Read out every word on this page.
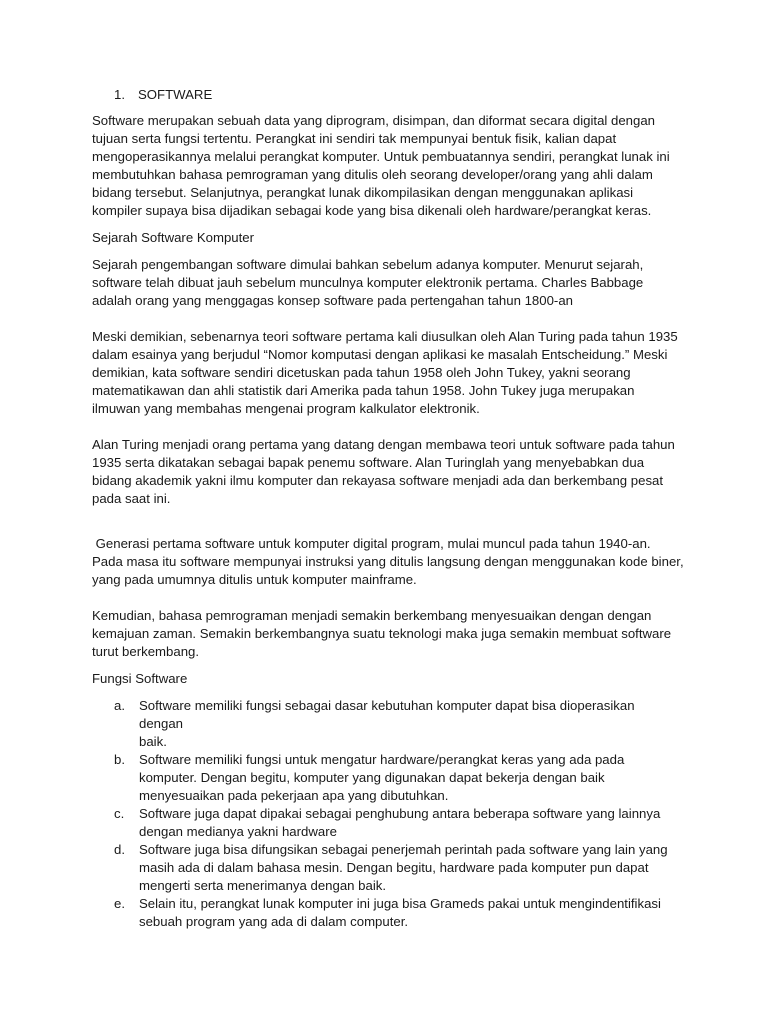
1. SOFTWARE

Software merupakan sebuah data yang diprogram, disimpan, dan diformat secara digital dengan
tujuan serta fungsi tertentu. Perangkat ini sendiri tak mempunyai bentuk fisik, kalian dapat
mengoperasikannya melalui perangkat komputer. Untuk pembuatannya sendiri, perangkat lunak ini
membutuhkan bahasa pemrograman yang ditulis oleh seorang developer/orang yang ahli dalam
bidang tersebut. Selanjutnya, perangkat lunak dikompilasikan dengan menggunakan aplikasi
kompiler supaya bisa dijadikan sebagai kode yang bisa dikenali oleh hardware/perangkat keras.

Sejarah Software Komputer

Sejarah pengembangan software dimulai bahkan sebelum adanya komputer. Menurut sejarah,
software telah dibuat jauh sebelum munculnya komputer elektronik pertama. Charles Babbage
adalah orang yang menggagas konsep software pada pertengahan tahun 1800-an

Meski demikian, sebenarnya teori software pertama kali diusulkan oleh Alan Turing pada tahun 1935
dalam esainya yang berjudul “Nomor komputasi dengan aplikasi ke masalah Entscheidung.” Meski
demikian, kata software sendiri dicetuskan pada tahun 1958 oleh John Tukey, yakni seorang
matematikawan dan ahli statistik dari Amerika pada tahun 1958. John Tukey juga merupakan
ilmuwan yang membahas mengenai program kalkulator elektronik.

Alan Turing menjadi orang pertama yang datang dengan membawa teori untuk software pada tahun
1935 serta dikatakan sebagai bapak penemu software. Alan Turinglah yang menyebabkan dua
bidang akademik yakni ilmu komputer dan rekayasa software menjadi ada dan berkembang pesat
pada saat ini.

Generasi pertama software untuk komputer digital program, mulai muncul pada tahun 1940-an.
Pada masa itu software mempunyai instruksi yang ditulis langsung dengan menggunakan kode biner,
yang pada umumnya ditulis untuk komputer mainframe.

Kemudian, bahasa pemrograman menjadi semakin berkembang menyesuaikan dengan dengan
kemajuan zaman. Semakin berkembangnya suatu teknologi maka juga semakin membuat software
turut berkembang.

Fungsi Software

a.	Software memiliki fungsi sebagai dasar kebutuhan komputer dapat bisa dioperasikan dengan
baik.
b.	Software memiliki fungsi untuk mengatur hardware/perangkat keras yang ada pada
komputer. Dengan begitu, komputer yang digunakan dapat bekerja dengan baik
menyesuaikan pada pekerjaan apa yang dibutuhkan.
c.	Software juga dapat dipakai sebagai penghubung antara beberapa software yang lainnya
dengan medianya yakni hardware
d.	Software juga bisa difungsikan sebagai penerjemah perintah pada software yang lain yang
masih ada di dalam bahasa mesin. Dengan begitu, hardware pada komputer pun dapat
mengerti serta menerimanya dengan baik.
e.	Selain itu, perangkat lunak komputer ini juga bisa Grameds pakai untuk mengindentifikasi
sebuah program yang ada di dalam computer.
